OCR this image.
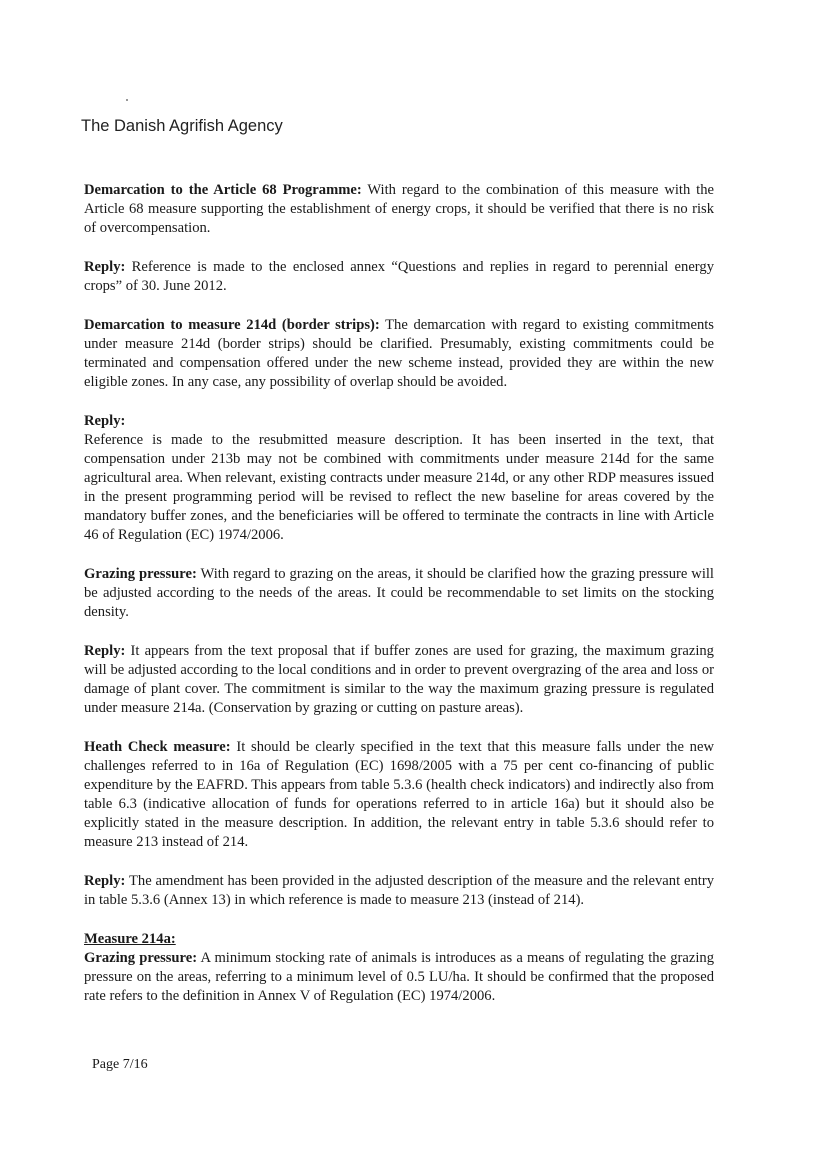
The Danish Agrifish Agency

Demarcation to the Article 68 Programme: With regard to the combination of this measure with the Article 68 measure supporting the establishment of energy crops, it should be verified that there is no risk of overcompensation.

Reply: Reference is made to the enclosed annex “Questions and replies in regard to perennial energy crops” of 30. June 2012.

Demarcation to measure 214d (border strips): The demarcation with regard to existing commitments under measure 214d (border strips) should be clarified. Presumably, existing commitments could be terminated and compensation offered under the new scheme instead, provided they are within the new eligible zones. In any case, any possibility of overlap should be avoided.

Reply:
Reference is made to the resubmitted measure description. It has been inserted in the text, that compensation under 213b may not be combined with commitments under measure 214d for the same agricultural area. When relevant, existing contracts under measure 214d, or any other RDP measures issued in the present programming period will be revised to reflect the new baseline for areas covered by the mandatory buffer zones, and the beneficiaries will be offered to terminate the contracts in line with Article 46 of Regulation (EC) 1974/2006.

Grazing pressure: With regard to grazing on the areas, it should be clarified how the grazing pressure will be adjusted according to the needs of the areas. It could be recommendable to set limits on the stocking density.

Reply: It appears from the text proposal that if buffer zones are used for grazing, the maximum grazing will be adjusted according to the local conditions and in order to prevent overgrazing of the area and loss or damage of plant cover. The commitment is similar to the way the maximum grazing pressure is regulated under measure 214a. (Conservation by grazing or cutting on pasture areas).

Heath Check measure: It should be clearly specified in the text that this measure falls under the new challenges referred to in 16a of Regulation (EC) 1698/2005 with a 75 per cent co-financing of public expenditure by the EAFRD. This appears from table 5.3.6 (health check indicators) and indirectly also from table 6.3 (indicative allocation of funds for operations referred to in article 16a) but it should also be explicitly stated in the measure description. In addition, the relevant entry in table 5.3.6 should refer to measure 213 instead of 214.

Reply: The amendment has been provided in the adjusted description of the measure and the relevant entry in table 5.3.6 (Annex 13) in which reference is made to measure 213 (instead of 214).

Measure 214a:
Grazing pressure: A minimum stocking rate of animals is introduces as a means of regulating the grazing pressure on the areas, referring to a minimum level of 0.5 LU/ha. It should be confirmed that the proposed rate refers to the definition in Annex V of Regulation (EC) 1974/2006.

Page 7/16
